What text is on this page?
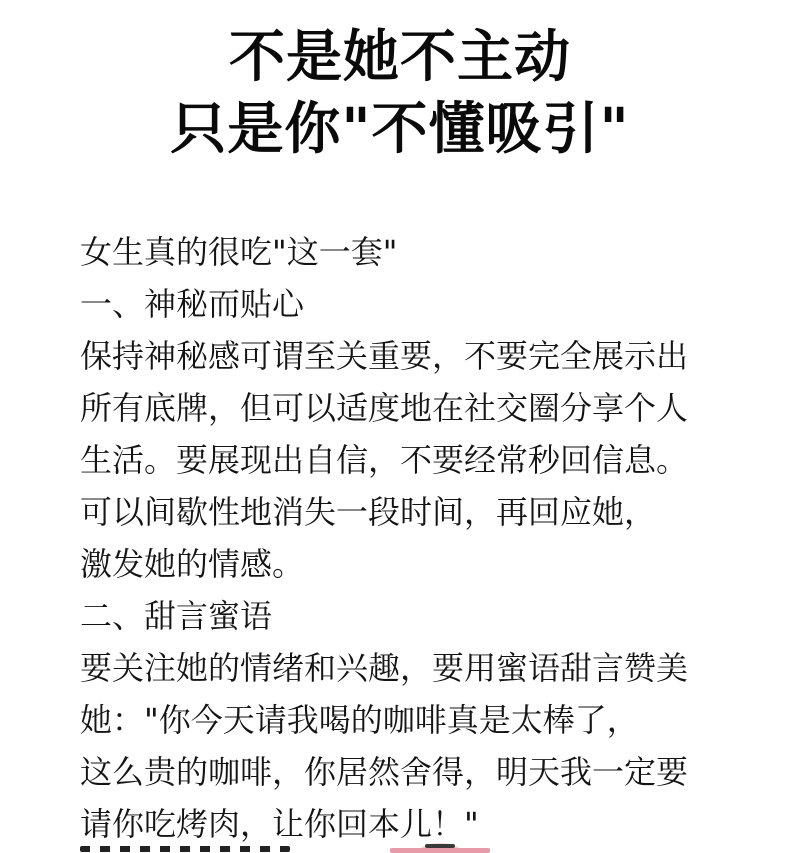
不是她不主动
只是你"不懂吸引"
女生真的很吃"这一套"
一、神秘而贴心
保持神秘感可谓至关重要，不要完全展示出
所有底牌，但可以适度地在社交圈分享个人
生活。要展现出自信，不要经常秒回信息。
可以间歇性地消失一段时间，再回应她，
激发她的情感。
二、甜言蜜语
要关注她的情绪和兴趣，要用蜜语甜言赞美
她："你今天请我喝的咖啡真是太棒了，
这么贵的咖啡，你居然舍得，明天我一定要
请你吃烤肉，让你回本儿！"
